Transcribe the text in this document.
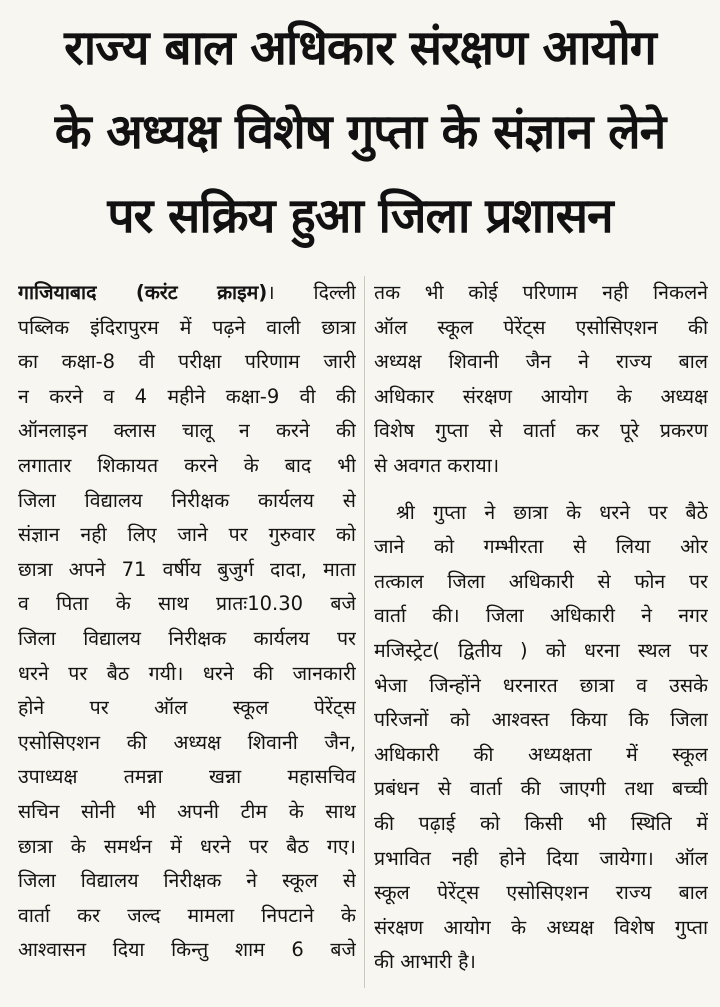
राज्य बाल अधिकार संरक्षण आयोग
के अध्यक्ष विशेष गुप्ता के संज्ञान लेने
पर सक्रिय हुआ जिला प्रशासन
गाजियाबाद (करंट क्राइम)। दिल्ली
पब्लिक इंदिरापुरम में पढ़ने वाली छात्रा
का कक्षा-8 वी परीक्षा परिणाम जारी
न करने व 4 महीने कक्षा-9 वी की
ऑनलाइन क्लास चालू न करने की
लगातार शिकायत करने के बाद भी
जिला विद्यालय निरीक्षक कार्यलय से
संज्ञान नही लिए जाने पर गुरुवार को
छात्रा अपने 71 वर्षीय बुजुर्ग दादा, माता
व पिता के साथ प्रातः10.30 बजे
जिला विद्यालय निरीक्षक कार्यलय पर
धरने पर बैठ गयी। धरने की जानकारी
होने पर ऑल स्कूल पेरेंट्स
एसोसिएशन की अध्यक्ष शिवानी जैन,
उपाध्यक्ष तमन्ना खन्ना महासचिव
सचिन सोनी भी अपनी टीम के साथ
छात्रा के समर्थन में धरने पर बैठ गए।
जिला विद्यालय निरीक्षक ने स्कूल से
वार्ता कर जल्द मामला निपटाने के
आश्वासन दिया किन्तु शाम 6 बजे
तक भी कोई परिणाम नही निकलने
ऑल स्कूल पेरेंट्स एसोसिएशन की
अध्यक्ष शिवानी जैन ने राज्य बाल
अधिकार संरक्षण आयोग के अध्यक्ष
विशेष गुप्ता से वार्ता कर पूरे प्रकरण
से अवगत कराया।
श्री गुप्ता ने छात्रा के धरने पर बैठे
जाने को गम्भीरता से लिया ओर
तत्काल जिला अधिकारी से फोन पर
वार्ता की। जिला अधिकारी ने नगर
मजिस्ट्रेट( द्वितीय ) को धरना स्थल पर
भेजा जिन्होंने धरनारत छात्रा व उसके
परिजनों को आश्वस्त किया कि जिला
अधिकारी की अध्यक्षता में स्कूल
प्रबंधन से वार्ता की जाएगी तथा बच्ची
की पढ़ाई को किसी भी स्थिति में
प्रभावित नही होने दिया जायेगा। ऑल
स्कूल पेरेंट्स एसोसिएशन राज्य बाल
संरक्षण आयोग के अध्यक्ष विशेष गुप्ता
की आभारी है।
